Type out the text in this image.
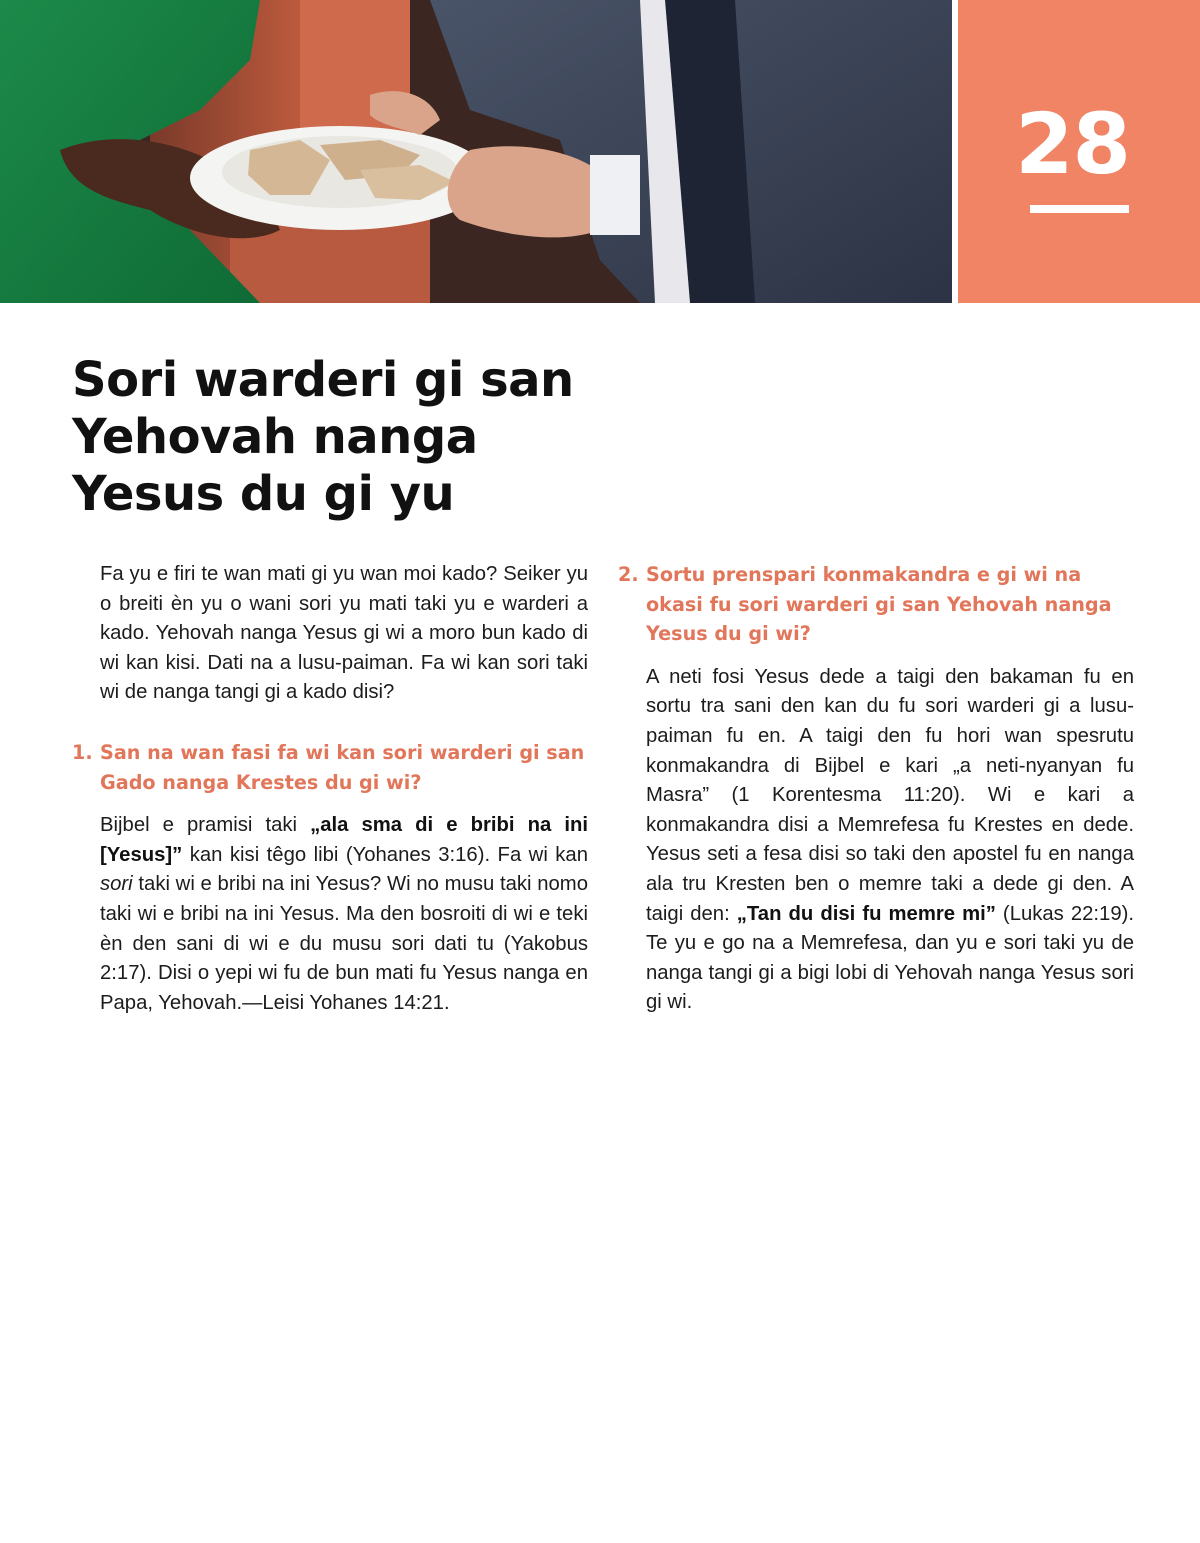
28
Sori warderi gi san Yehovah nanga Yesus du gi yu

Fa yu e firi te wan mati gi yu wan moi kado? Seiker yu o breiti èn yu o wani sori yu mati taki yu e warderi a kado. Yehovah nanga Yesus gi wi a moro bun kado di wi kan kisi. Dati na a lusu-paiman. Fa wi kan sori taki wi de nanga tangi gi a kado disi?

1. San na wan fasi fa wi kan sori warderi gi san Gado nanga Krestes du gi wi?

Bijbel e pramisi taki „ala sma di e bribi na ini [Yesus]” kan kisi têgo libi (Yohanes 3:16). Fa wi kan sori taki wi e bribi na ini Yesus? Wi no musu taki nomo taki wi e bribi na ini Yesus. Ma den bosroiti di wi e teki èn den sani di wi e du musu sori dati tu (Yakobus 2:17). Disi o yepi wi fu de bun mati fu Yesus nanga en Papa, Yehovah.—Leisi Yohanes 14:21.

2. Sortu prenspari konmakandra e gi wi na okasi fu sori warderi gi san Yehovah nanga Yesus du gi wi?

A neti fosi Yesus dede a taigi den bakaman fu en sortu tra sani den kan du fu sori warderi gi a lusu-paiman fu en. A taigi den fu hori wan spesrutu konmakandra di Bijbel e kari „a neti-nyanyan fu Masra” (1 Korentesma 11:20). Wi e kari a konmakandra disi a Memrefesa fu Krestes en dede. Yesus seti a fesa disi so taki den apostel fu en nanga ala tru Kresten ben o memre taki a dede gi den. A taigi den: „Tan du disi fu memre mi” (Lukas 22:19). Te yu e go na a Memrefesa, dan yu e sori taki yu de nanga tangi gi a bigi lobi di Yehovah nanga Yesus sori gi wi.
